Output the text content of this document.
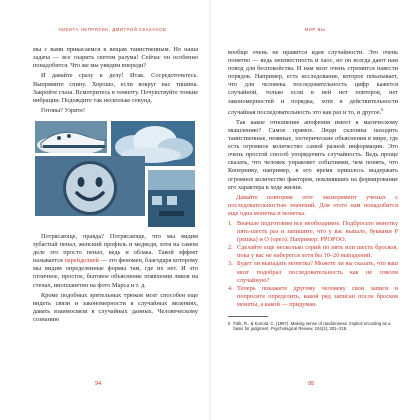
НИКИТА НЕПРЯХИН, ДМИТРИЙ СКАКУНОВ

мы с вами прикасаемся к вещам таинственным. Но наша задача — все озарить светом разума! Сейчас он особенно понадобится. Что же мы увидим впереди?

И давайте сразу к делу! Итак. Сосредоточьтесь. Выпрямите спину. Хорошо, если вокруг вас тишина. Закройте глаза. Всмотритесь в темноту. Почувствуйте тонкие вибрации. Подождите так несколько секунд.

Готовы? Узрите!

Потрясающе, правда? Потрясающе, что мы видим зубастый пенал, женский профиль и медведя, хотя на самом деле это просто пенал, ведь и облака. Такой эффект называется парейдолией — это феномен, благодаря которому мы видим определенные формы там, где их нет. И это отличное, простое, бытовое объяснение появления ликов на стенах, инопланетян на фото Марса и т. д.

Кроме подобных зрительных трюков мозг способен еще видеть связи и закономерности в случайных явлениях, давать взаимосвязи в случайных данных. Человеческому сознанию

94
МИР ВЫ

вообще очень не нравится идея случайности. Это очень понятно — ведь неизвестность и хаос, но он всегда дают нам повод для беспокойства. И нам мозг очень стремится навести порядок. Например, есть исследование, которое показывает, что для человека последовательность цифр кажется случайной, только если в ней нет повторов, нет закономерностей и порядка, хотя в действительности случайная последовательность это как раз и то, и другое.$^6$

Так какое отношение апофения имеет к магическому мышлению? Самое прямое. Люди склонны находить таинственные, неявные, эзотерические объяснения в мире, где есть огромное количество самой разной информации. Это очень простой способ упорядочить случайность. Ведь проще сказать, что человек управляет событиями, чем понять, что Копернику, например, в его время пришлось выдержать огромное количество факторов, повлиявших на формирование его характера в ходе жизни.

Давайте повторим этот эксперимент ученых с последовательностью значений. Для этого нам понадобится еще одна монетка и монетка.

1. Вначале подготовим все необходимое. Подбросьте монетку пять-шесть раз и запишите, что у вас выпало, буквами Р (решка) и О (орел). Например: РРОРОО.
2. Сделайте еще несколько серий по пять или шесть бросков, пока у вас не наберется хотя бы 10–20 выпадений.
3. Будет ли выпадать монетка? Можете ли вы сказать, что ваш мозг подобрал последовательность как не совсем случайную?
4. Теперь покажите другому человеку свои записи и попросите определить, какой ряд записан после бросков монеты, а какой — придуман.
6 Falk, R., & Konold, C. (1997). Making sense of randomness: Implicit encoding as a basis for judgment. Psychological Review, 104(2), 301–318.
95
